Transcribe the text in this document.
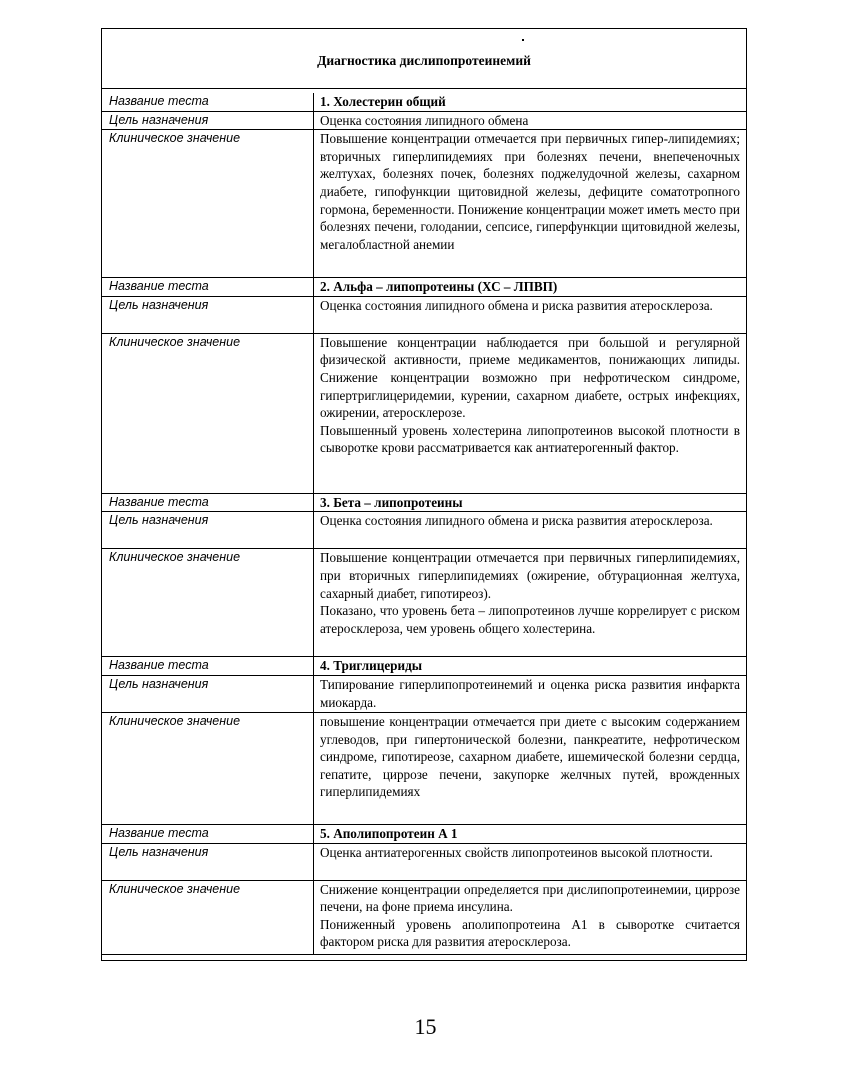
Диагностика дислипопротеинемий
Название теста	1. Холестерин общий
Цель назначения	Оценка состояния липидного обмена
Клиническое значение	Повышение концентрации отмечается при первичных гипер-липидемиях; вторичных гиперлипидемиях при болезнях печени, внепеченочных желтухах, болезнях почек, болезнях поджелудочной железы, сахарном диабете, гипофункции щитовидной железы, дефиците соматотропного гормона, беременности. Понижение концентрации может иметь место при болезнях печени, голодании, сепсисе, гиперфункции щитовидной железы, мегалобластной анемии

Название теста	2. Альфа – липопротеины (ХС – ЛПВП)
Цель назначения	Оценка состояния липидного обмена и риска развития атеросклероза.
Клиническое значение	Повышение концентрации наблюдается при большой и регулярной физической активности, приеме медикаментов, понижающих липиды. Снижение концентрации возможно при нефротическом синдроме, гипертриглицеридемии, курении, сахарном диабете, острых инфекциях, ожирении, атеросклерозе.
Повышенный уровень холестерина липопротеинов высокой плотности в сыворотке крови рассматривается как антиатерогенный фактор.

Название теста	3. Бета – липопротеины
Цель назначения	Оценка состояния липидного обмена и риска развития атеросклероза.
Клиническое значение	Повышение концентрации отмечается при первичных гиперлипидемиях, при вторичных гиперлипидемиях (ожирение, обтурационная желтуха, сахарный диабет, гипотиреоз).
Показано, что уровень бета – липопротеинов лучше коррелирует с риском атеросклероза, чем уровень общего холестерина.

Название теста	4. Триглицериды
Цель назначения	Типирование гиперлипопротеинемий и оценка риска развития инфаркта миокарда.
Клиническое значение	повышение концентрации отмечается при диете с высоким содержанием углеводов, при гипертонической болезни, панкреатите, нефротическом синдроме, гипотиреозе, сахарном диабете, ишемической болезни сердца, гепатите, циррозе печени, закупорке желчных путей, врожденных гиперлипидемиях

Название теста	5. Аполипопротеин А 1
Цель назначения	Оценка антиатерогенных свойств липопротеинов высокой плотности.
Клиническое значение	Снижение концентрации определяется при дислипопротеинемии, циррозе печени, на фоне приема инсулина.
Пониженный уровень аполипопротеина А1 в сыворотке считается фактором риска для развития атеросклероза.
15
